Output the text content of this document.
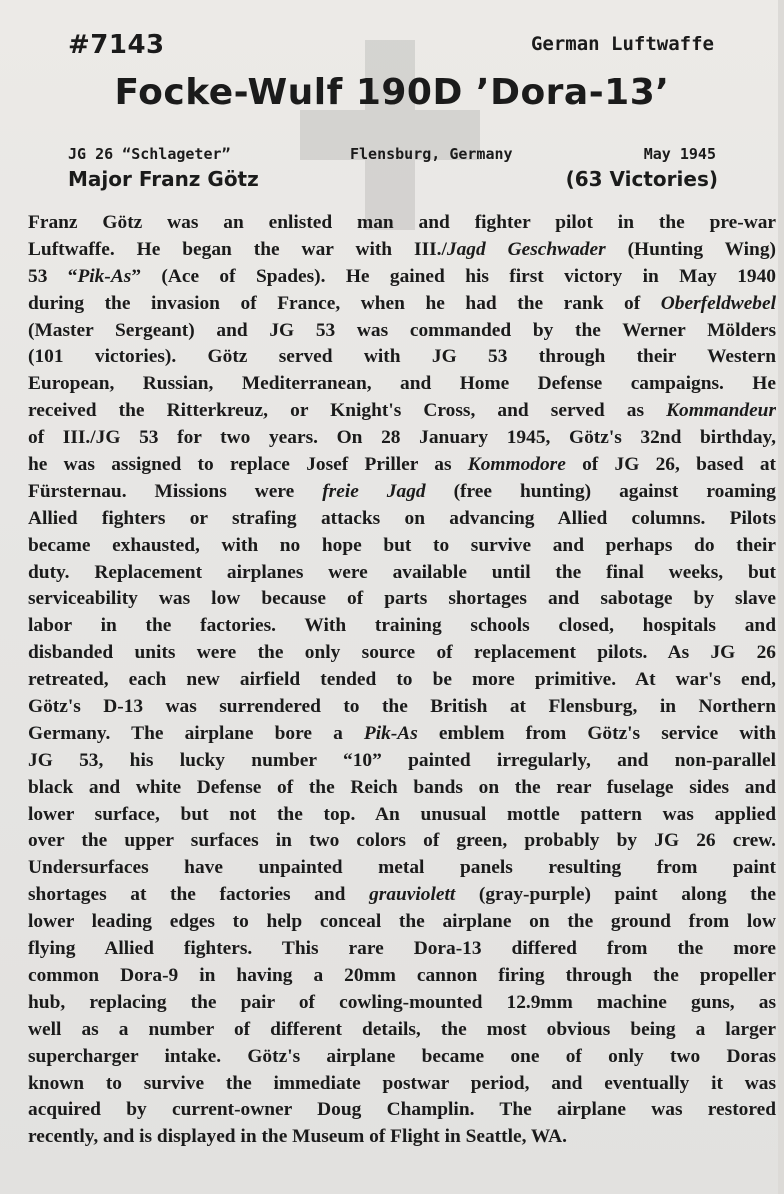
#7143	German Luftwaffe
Focke-Wulf 190D ’Dora-13’
JG 26 “Schlageter”	Flensburg, Germany	May 1945
Major Franz Götz	(63 Victories)
Franz Götz was an enlisted man and fighter pilot in the pre-war
Luftwaffe. He began the war with III./Jagd Geschwader (Hunting Wing)
53 “Pik-As” (Ace of Spades). He gained his first victory in May 1940
during the invasion of France, when he had the rank of Oberfeldwebel
(Master Sergeant) and JG 53 was commanded by the Werner Mölders
(101 victories). Götz served with JG 53 through their Western
European, Russian, Mediterranean, and Home Defense campaigns. He
received the Ritterkreuz, or Knight's Cross, and served as Kommandeur
of III./JG 53 for two years. On 28 January 1945, Götz's 32nd birthday,
he was assigned to replace Josef Priller as Kommodore of JG 26, based at
Fürsternau. Missions were freie Jagd (free hunting) against roaming
Allied fighters or strafing attacks on advancing Allied columns. Pilots
became exhausted, with no hope but to survive and perhaps do their
duty. Replacement airplanes were available until the final weeks, but
serviceability was low because of parts shortages and sabotage by slave
labor in the factories. With training schools closed, hospitals and
disbanded units were the only source of replacement pilots. As JG 26
retreated, each new airfield tended to be more primitive. At war's end,
Götz's D-13 was surrendered to the British at Flensburg, in Northern
Germany. The airplane bore a Pik-As emblem from Götz's service with
JG 53, his lucky number “10” painted irregularly, and non-parallel
black and white Defense of the Reich bands on the rear fuselage sides and
lower surface, but not the top. An unusual mottle pattern was applied
over the upper surfaces in two colors of green, probably by JG 26 crew.
Undersurfaces have unpainted metal panels resulting from paint
shortages at the factories and grauviolett (gray-purple) paint along the
lower leading edges to help conceal the airplane on the ground from low
flying Allied fighters. This rare Dora-13 differed from the more
common Dora-9 in having a 20mm cannon firing through the propeller
hub, replacing the pair of cowling-mounted 12.9mm machine guns, as
well as a number of different details, the most obvious being a larger
supercharger intake. Götz's airplane became one of only two Doras
known to survive the immediate postwar period, and eventually it was
acquired by current-owner Doug Champlin. The airplane was restored
recently, and is displayed in the Museum of Flight in Seattle, WA.
